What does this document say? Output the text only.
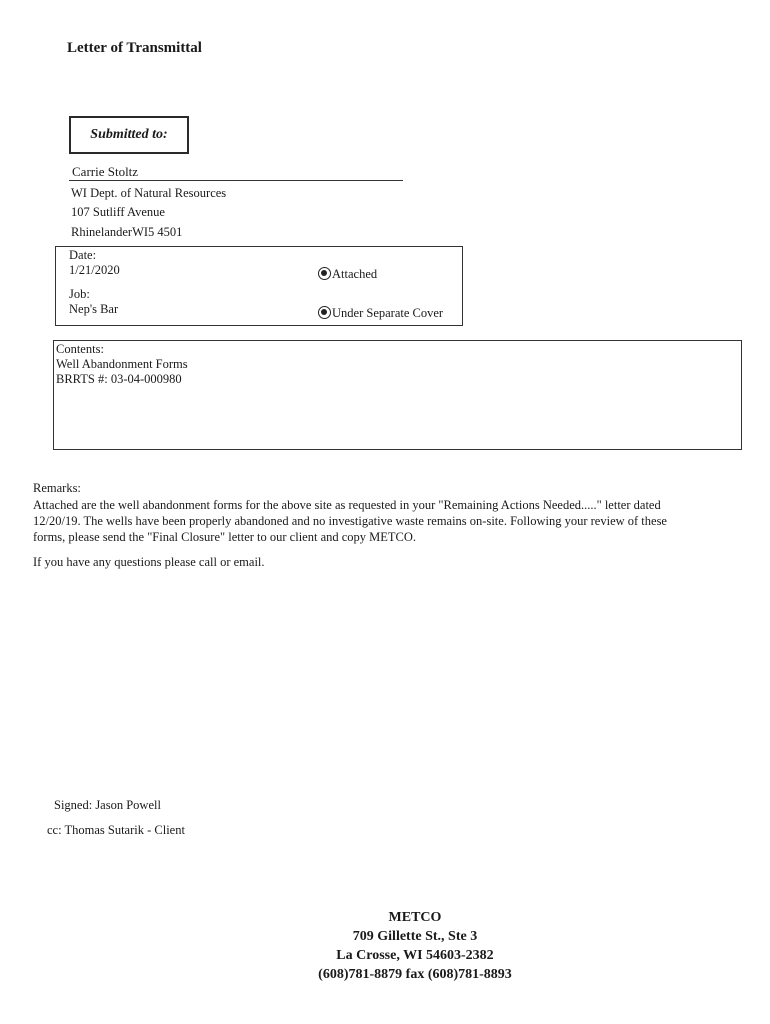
Letter of Transmittal
Submitted to:
Carrie Stoltz
WI Dept. of Natural Resources
107 Sutliff Avenue
RhinelanderWI5 4501
Date:
1/21/2020
Job:
Nep's Bar
Attached
Under Separate Cover
Contents:
Well Abandonment Forms
BRRTS #: 03-04-000980
Remarks:
Attached are the well abandonment forms for the above site as requested in your "Remaining Actions Needed....." letter dated 12/20/19. The wells have been properly abandoned and no investigative waste remains on-site. Following your review of these forms, please send the "Final Closure" letter to our client and copy METCO.
If you have any questions please call or email.
Signed: Jason Powell
cc: Thomas Sutarik - Client
METCO
709 Gillette St., Ste 3
La Crosse, WI 54603-2382
(608)781-8879 fax (608)781-8893
